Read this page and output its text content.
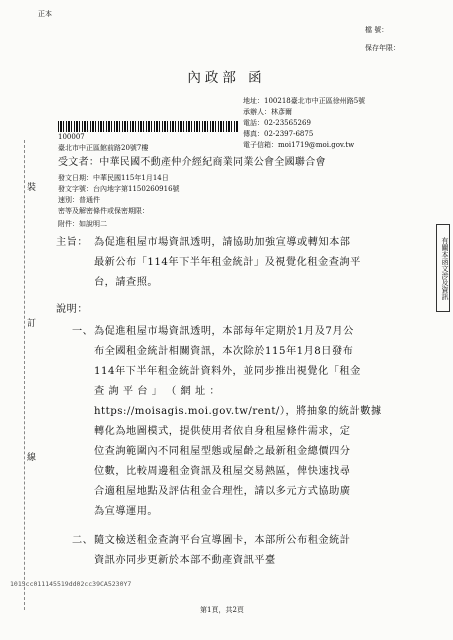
正本
檔 號：
保存年限：
內政部 函
地址：100218臺北市中正區徐州路5號
承辦人：林彥爾
電話：02-23565269
傳真：02-2397-6875
電子信箱：moi1719@moi.gov.tw
100007
臺北市中正區館前路20號7樓
受文者：中華民國不動產仲介經紀商業同業公會全國聯合會
發文日期：中華民國115年1月14日
發文字號：台內地字第1150260916號
速別：普通件
密等及解密條件或保密期限：
附件：如說明二
主旨： 為促進租屋市場資訊透明，請協助加強宣導或轉知本部
最新公布「114年下半年租金統計」及視覺化租金查詢平
台，請查照。
說明：
一、 為促進租屋市場資訊透明，本部每年定期於1月及7月公
布全國租金統計相關資訊，本次除於115年1月8日發布
114年下半年租金統計資料外，並同步推出視覺化「租金
查 詢 平 台 」 （ 網 址 ：
https://moisagis.moi.gov.tw/rent/），將抽象的統計數據
轉化為地圖模式，提供使用者依自身租屋條件需求，定
位查詢範圍內不同租屋型態或屋齡之最新租金總價四分
位數，比較周邊租金資訊及租屋交易熱區，俾快速找尋
合適租屋地點及評估租金合理性，請以多元方式協助廣
為宣導運用。
二、 隨文檢送租金查詢平台宣導圖卡，本部所公布租金統計
資訊亦同步更新於本部不動產資訊平臺
1015cc011145519dd02cc39CA5230Y7
第1頁，共2頁
裝
訂
線
有關本函文涉及資訊
